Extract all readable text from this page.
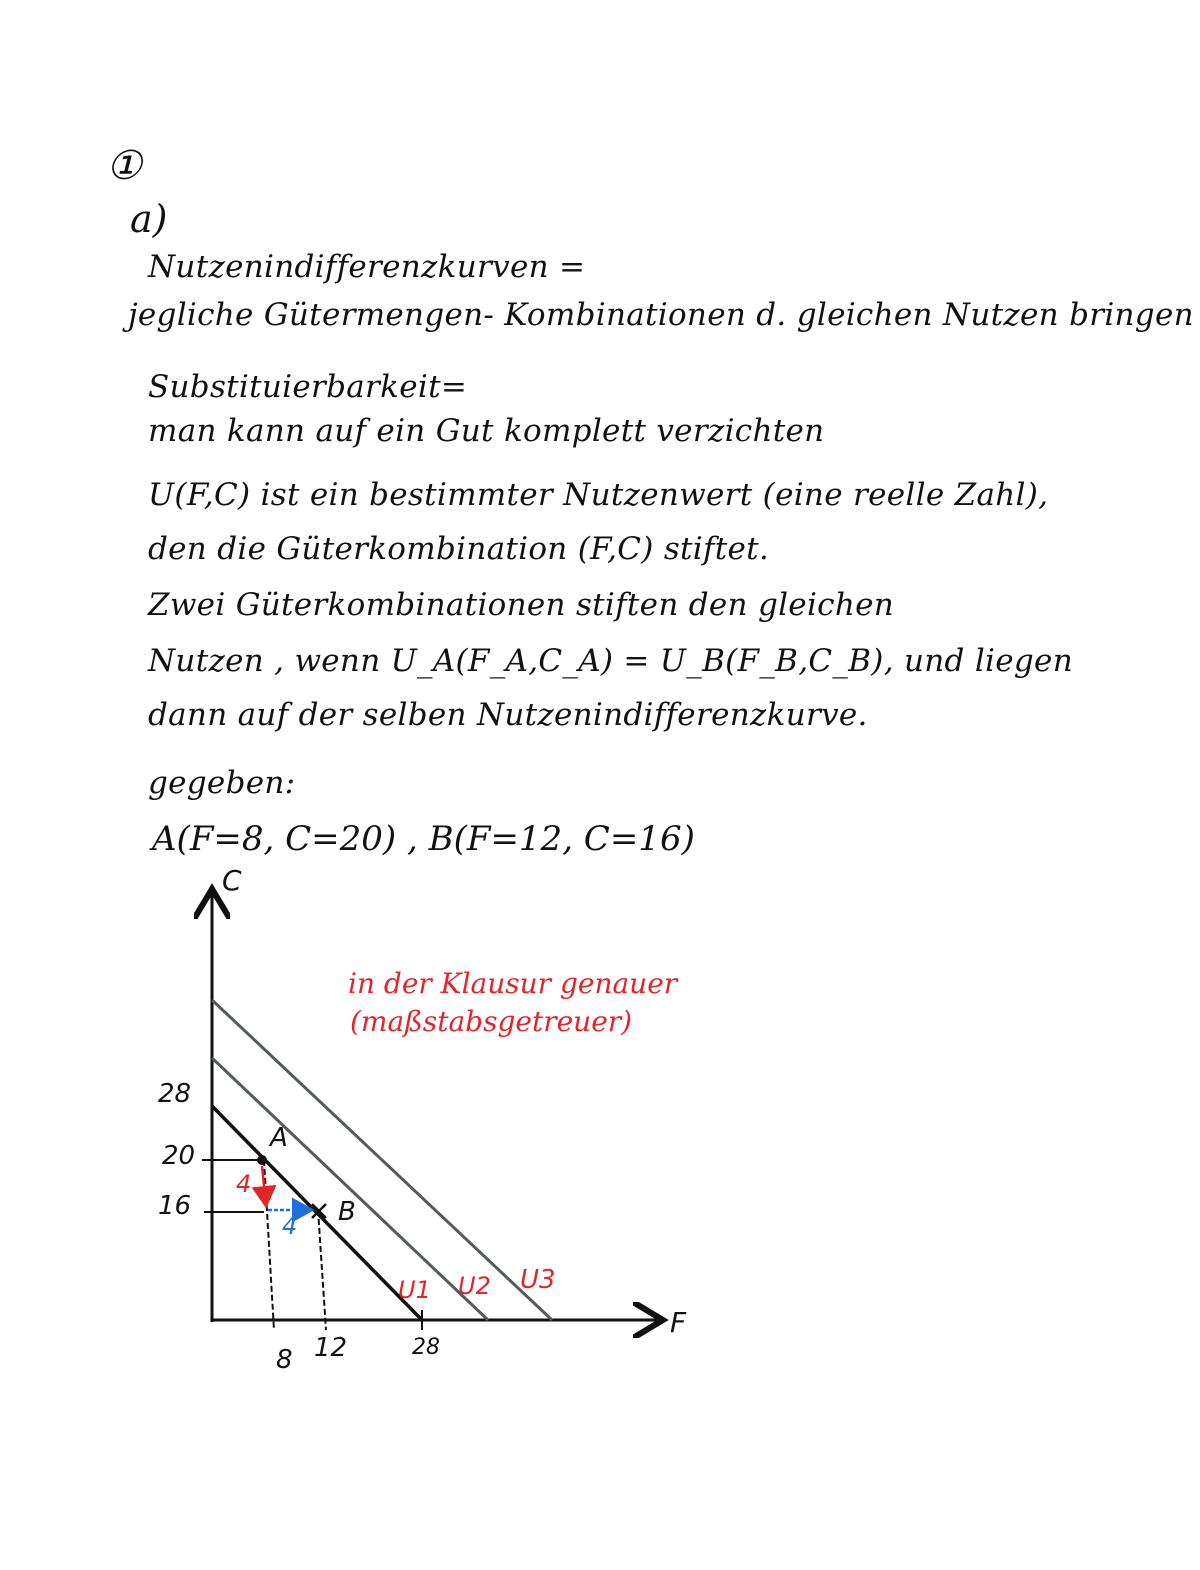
①
a)
Nutzenindifferenzkurven =
jegliche Gütermengen- Kombinationen d. gleichen Nutzen bringen
Substituierbarkeit=
man kann auf ein Gut komplett verzichten
U(F,C) ist ein bestimmter Nutzenwert (eine reelle Zahl),
den die Güterkombination (F,C) stiftet.
Zwei Güterkombinationen stiften den gleichen
Nutzen , wenn U_A(F_A,C_A) = U_B(F_B,C_B), und liegen
dann auf der selben Nutzenindifferenzkurve.
gegeben:
A(F=8, C=20) , B(F=12, C=16)
in der Klausur genauer
(maßstabsgetreuer)
C
F
28
20
16
8 12	28
A
B
4
4
U1 U2 U3
